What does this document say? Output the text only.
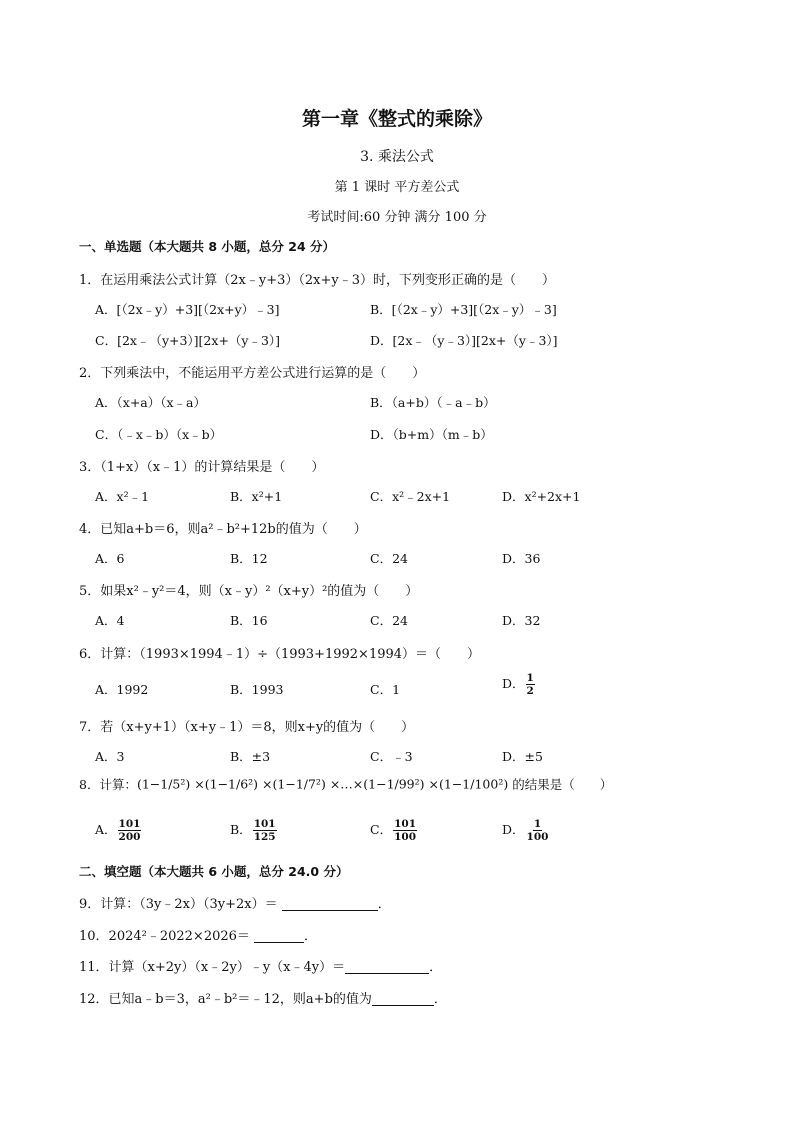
第一章《整式的乘除》
3. 乘法公式
第 1 课时 平方差公式
考试时间:60 分钟 满分 100 分
一、单选题（本大题共 8 小题，总分 24 分）
1．在运用乘法公式计算（2x﹣y+3）（2x+y﹣3）时，下列变形正确的是（　　）
A．[（2x﹣y）+3][（2x+y）﹣3]	B．[（2x﹣y）+3][（2x﹣y）﹣3]
C．[2x﹣（y+3）][2x+（y﹣3）]	D．[2x﹣（y﹣3）][2x+（y﹣3）]
2．下列乘法中，不能运用平方差公式进行运算的是（　　）
A．（x+a）（x﹣a）	B．（a+b）（﹣a﹣b）
C．（﹣x﹣b）（x﹣b）	D．（b+m）（m﹣b）
3．（1+x）（x﹣1）的计算结果是（　　）
A．x²﹣1	B．x²+1	C．x²﹣2x+1	D．x²+2x+1
4．已知a+b＝6，则a²﹣b²+12b的值为（　　）
A．6	B．12	C．24	D．36
5．如果x²﹣y²＝4，则（x﹣y）²（x+y）²的值为（　　）
A．4	B．16	C．24	D．32
6．计算：（1993×1994﹣1）÷（1993+1992×1994）＝（　　）
A．1992	B．1993	C．1	D． $\frac{1}{2}$
7．若（x+y+1）（x+y﹣1）＝8，则x+y的值为（　　）
A．3	B．±3	C．﹣3	D．±5
8．计算：(1−1/5²) ×(1−1/6²) ×(1−1/7²) ×…×(1−1/99²) ×(1−1/100²) 的结果是（　　）
A． $\frac{101}{200}$	B． $\frac{101}{125}$	C． $\frac{101}{100}$	D． $\frac{1}{100}$
二、填空题（本大题共 6 小题，总分 24.0 分）
9．计算：（3y﹣2x）（3y+2x）＝	．
10．2024²﹣2022×2026＝	．
11．计算（x+2y）（x﹣2y）﹣y（x﹣4y）＝	．
12．已知a﹣b＝3，a²﹣b²＝﹣12，则a+b的值为	．
